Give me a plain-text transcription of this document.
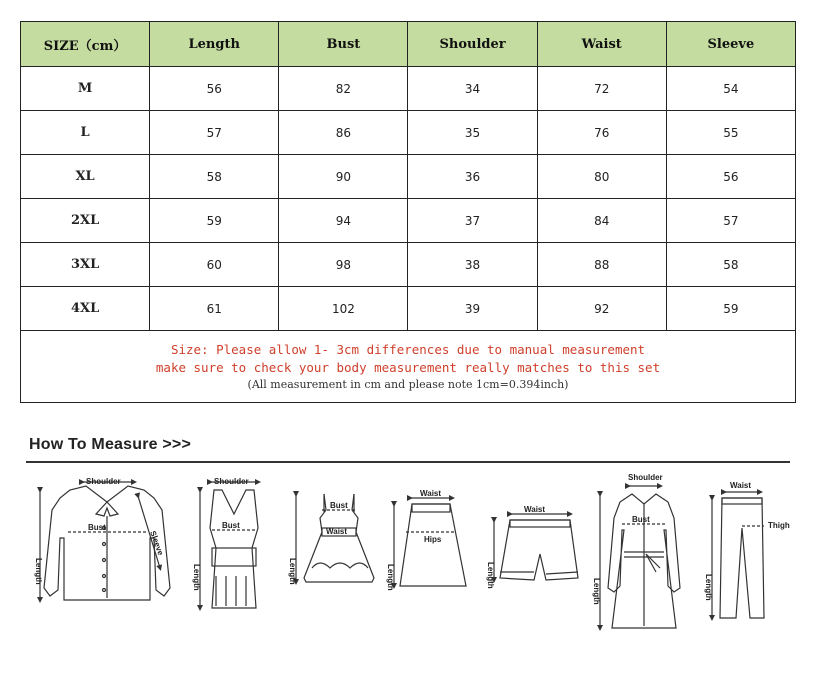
SIZE（cm）	Length	Bust	Shoulder	Waist	Sleeve
M	56	82	34	72	54
L	57	86	35	76	55
XL	58	90	36	80	56
2XL	59	94	37	84	57
3XL	60	98	38	88	58
4XL	61	102	39	92	59

Size: Please allow 1- 3cm differences due to manual measurement
make sure to check your body measurement really matches to this set
(All measurement in cm and please note 1cm=0.394inch)					
How To Measure >>>
Shoulder
Bust
Length
Sleeve
Shoulder
Bust
Length
Bust
Waist
Length
Waist
Hips
Length
Waist
Length
Shoulder
Bust
Length
Waist
Thigh
Length
